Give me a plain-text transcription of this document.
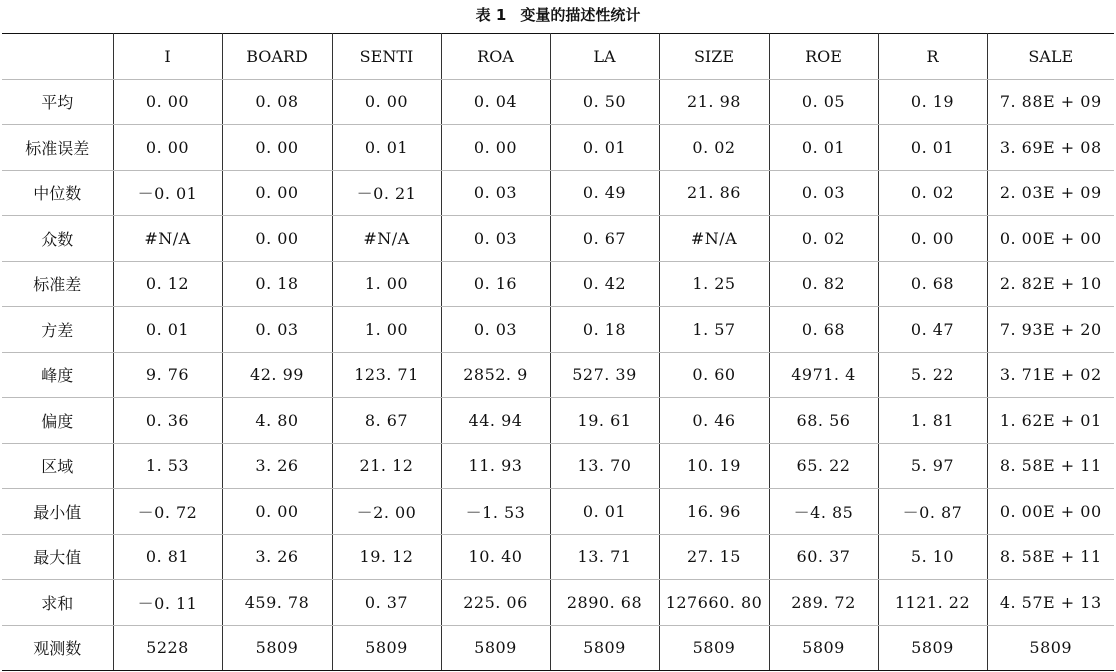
表 1 变量的描述性统计
	I	BOARD	SENTI	ROA	LA	SIZE	ROE	R	SALE
平均	0. 00	0. 08	0. 00	0. 04	0. 50	21. 98	0. 05	0. 19	7. 88E + 09
标准误差	0. 00	0. 00	0. 01	0. 00	0. 01	0. 02	0. 01	0. 01	3. 69E + 08
中位数	－0. 01	0. 00	－0. 21	0. 03	0. 49	21. 86	0. 03	0. 02	2. 03E + 09
众数	#N/A	0. 00	#N/A	0. 03	0. 67	#N/A	0. 02	0. 00	0. 00E + 00
标准差	0. 12	0. 18	1. 00	0. 16	0. 42	1. 25	0. 82	0. 68	2. 82E + 10
方差	0. 01	0. 03	1. 00	0. 03	0. 18	1. 57	0. 68	0. 47	7. 93E + 20
峰度	9. 76	42. 99	123. 71	2852. 9	527. 39	0. 60	4971. 4	5. 22	3. 71E + 02
偏度	0. 36	4. 80	8. 67	44. 94	19. 61	0. 46	68. 56	1. 81	1. 62E + 01
区域	1. 53	3. 26	21. 12	11. 93	13. 70	10. 19	65. 22	5. 97	8. 58E + 11
最小值	－0. 72	0. 00	－2. 00	－1. 53	0. 01	16. 96	－4. 85	－0. 87	0. 00E + 00
最大值	0. 81	3. 26	19. 12	10. 40	13. 71	27. 15	60. 37	5. 10	8. 58E + 11
求和	－0. 11	459. 78	0. 37	225. 06	2890. 68	127660. 80	289. 72	1121. 22	4. 57E + 13
观测数	5228	5809	5809	5809	5809	5809	5809	5809	5809
